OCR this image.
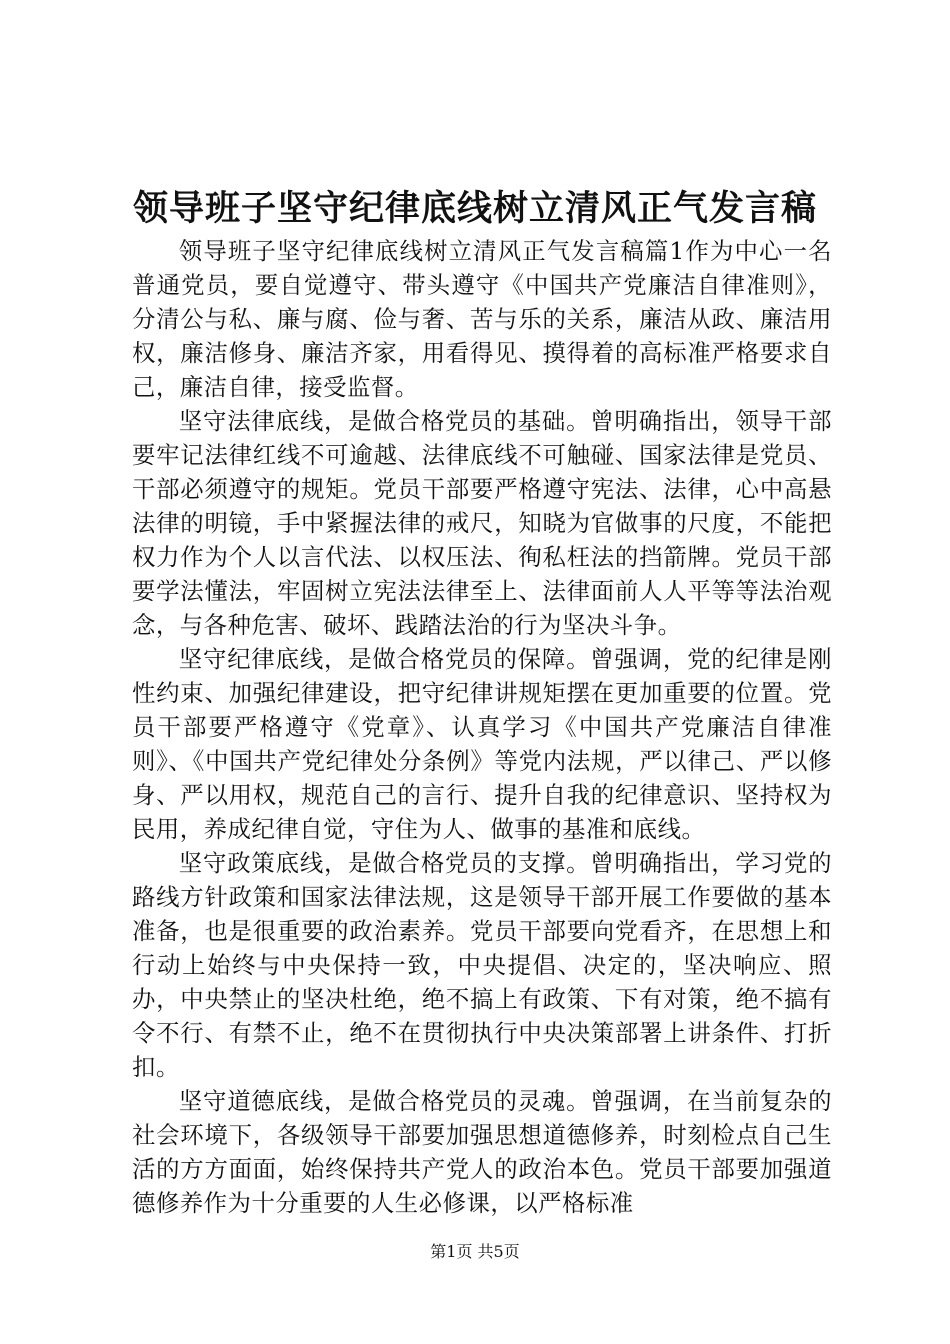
领导班子坚守纪律底线树立清风正气发言稿

领导班子坚守纪律底线树立清风正气发言稿篇1作为中心一名普通党员，要自觉遵守、带头遵守《中国共产党廉洁自律准则》，分清公与私、廉与腐、俭与奢、苦与乐的关系，廉洁从政、廉洁用权，廉洁修身、廉洁齐家，用看得见、摸得着的高标准严格要求自己，廉洁自律，接受监督。

坚守法律底线，是做合格党员的基础。曾明确指出，领导干部要牢记法律红线不可逾越、法律底线不可触碰、国家法律是党员、干部必须遵守的规矩。党员干部要严格遵守宪法、法律，心中高悬法律的明镜，手中紧握法律的戒尺，知晓为官做事的尺度，不能把权力作为个人以言代法、以权压法、徇私枉法的挡箭牌。党员干部要学法懂法，牢固树立宪法法律至上、法律面前人人平等等法治观念，与各种危害、破坏、践踏法治的行为坚决斗争。

坚守纪律底线，是做合格党员的保障。曾强调，党的纪律是刚性约束、加强纪律建设，把守纪律讲规矩摆在更加重要的位置。党员干部要严格遵守《党章》、认真学习《中国共产党廉洁自律准则》、《中国共产党纪律处分条例》等党内法规，严以律己、严以修身、严以用权，规范自己的言行、提升自我的纪律意识、坚持权为民用，养成纪律自觉，守住为人、做事的基准和底线。

坚守政策底线，是做合格党员的支撑。曾明确指出，学习党的路线方针政策和国家法律法规，这是领导干部开展工作要做的基本准备，也是很重要的政治素养。党员干部要向党看齐，在思想上和行动上始终与中央保持一致，中央提倡、决定的，坚决响应、照办，中央禁止的坚决杜绝，绝不搞上有政策、下有对策，绝不搞有令不行、有禁不止，绝不在贯彻执行中央决策部署上讲条件、打折扣。

坚守道德底线，是做合格党员的灵魂。曾强调，在当前复杂的社会环境下，各级领导干部要加强思想道德修养，时刻检点自己生活的方方面面，始终保持共产党人的政治本色。党员干部要加强道德修养作为十分重要的人生必修课，以严格标准

第1页 共5页
